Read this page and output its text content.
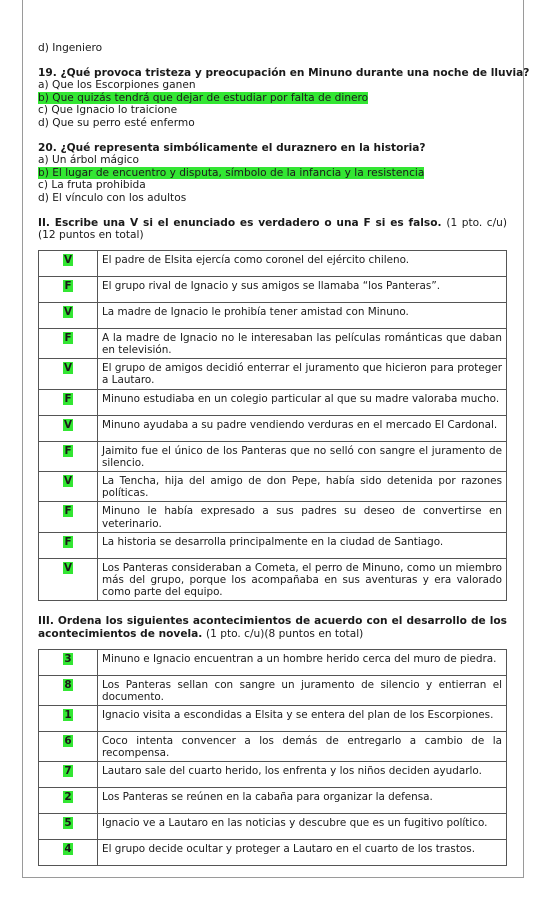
d) Ingeniero
19. ¿Qué provoca tristeza y preocupación en Minuno durante una noche de lluvia?
a) Que los Escorpiones ganen
b) Que quizás tendrá que dejar de estudiar por falta de dinero
c) Que Ignacio lo traicione
d) Que su perro esté enfermo
20. ¿Qué representa simbólicamente el duraznero en la historia?
a) Un árbol mágico
b) El lugar de encuentro y disputa, símbolo de la infancia y la resistencia
c) La fruta prohibida
d) El vínculo con los adultos
II. Escribe una V si el enunciado es verdadero o una F si es falso. (1 pto. c/u) (12 puntos en total)
V	El padre de Elsita ejercía como coronel del ejército chileno.
F	El grupo rival de Ignacio y sus amigos se llamaba “los Panteras”.
V	La madre de Ignacio le prohibía tener amistad con Minuno.
F	A la madre de Ignacio no le interesaban las películas románticas que daban en televisión.
V	El grupo de amigos decidió enterrar el juramento que hicieron para proteger a Lautaro.
F	Minuno estudiaba en un colegio particular al que su madre valoraba mucho.
V	Minuno ayudaba a su padre vendiendo verduras en el mercado El Cardonal.
F	Jaimito fue el único de los Panteras que no selló con sangre el juramento de silencio.
V	La Tencha, hija del amigo de don Pepe, había sido detenida por razones políticas.
F	Minuno le había expresado a sus padres su deseo de convertirse en veterinario.
F	La historia se desarrolla principalmente en la ciudad de Santiago.
V	Los Panteras consideraban a Cometa, el perro de Minuno, como un miembro más del grupo, porque los acompañaba en sus aventuras y era valorado como parte del equipo.
III. Ordena los siguientes acontecimientos de acuerdo con el desarrollo de los acontecimientos de novela. (1 pto. c/u)(8 puntos en total)
3	Minuno e Ignacio encuentran a un hombre herido cerca del muro de piedra.
8	Los Panteras sellan con sangre un juramento de silencio y entierran el documento.
1	Ignacio visita a escondidas a Elsita y se entera del plan de los Escorpiones.
6	Coco intenta convencer a los demás de entregarlo a cambio de la recompensa.
7	Lautaro sale del cuarto herido, los enfrenta y los niños deciden ayudarlo.
2	Los Panteras se reúnen en la cabaña para organizar la defensa.
5	Ignacio ve a Lautaro en las noticias y descubre que es un fugitivo político.
4	El grupo decide ocultar y proteger a Lautaro en el cuarto de los trastos.
